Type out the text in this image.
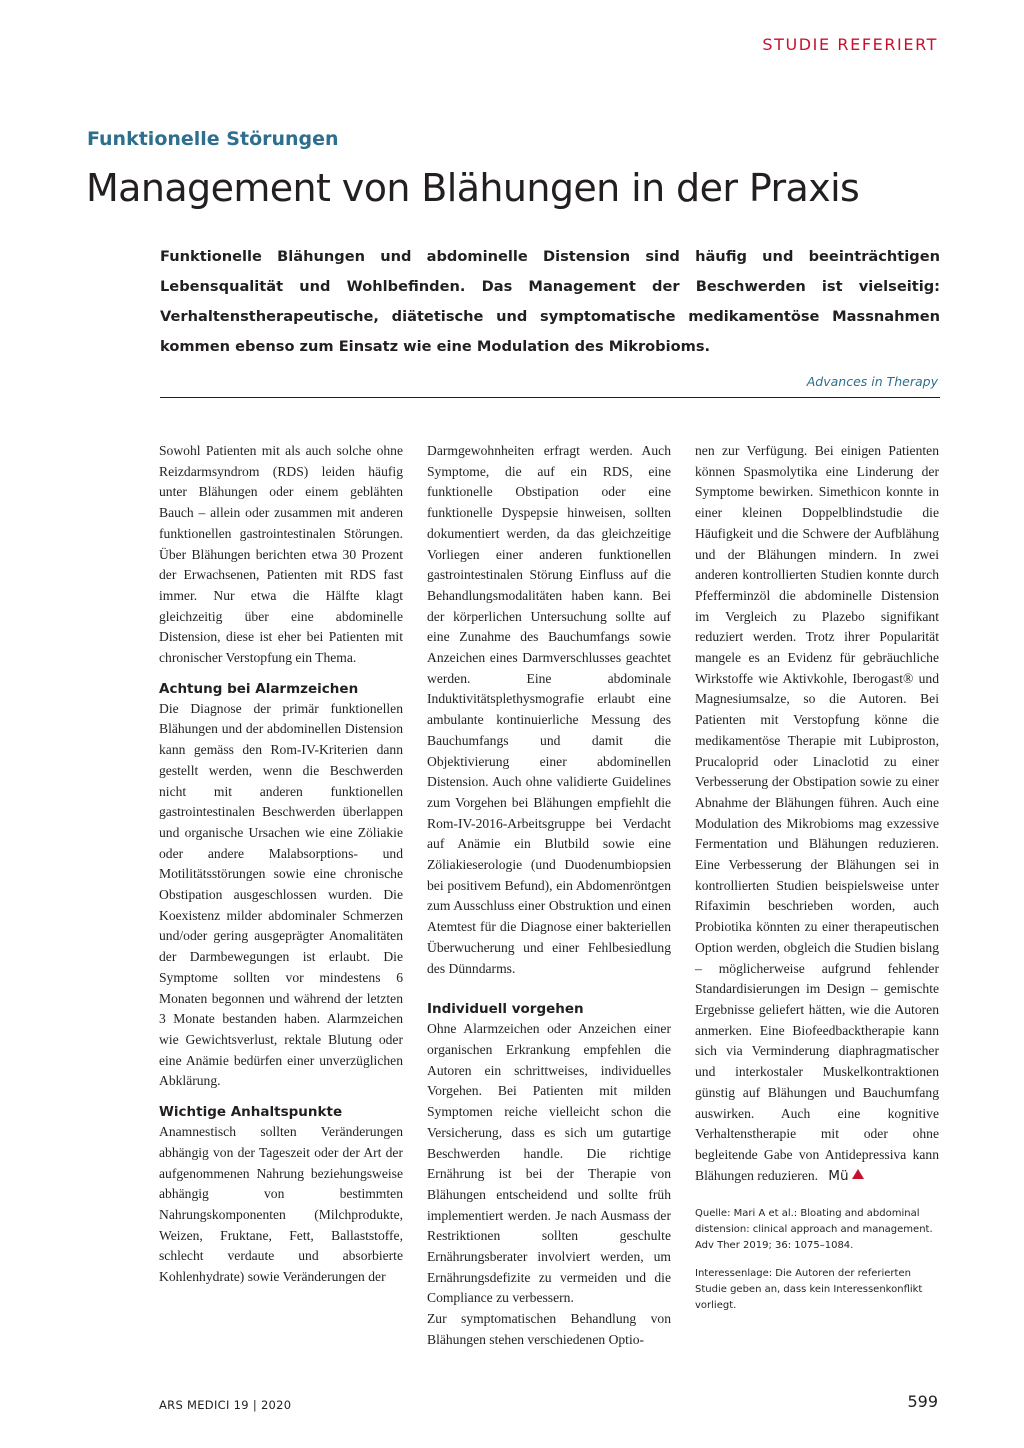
STUDIE REFERIERT
Funktionelle Störungen
Management von Blähungen in der Praxis
Funktionelle Blähungen und abdominelle Distension sind häufig und beeinträchtigen Lebensqualität und Wohlbefinden. Das Management der Beschwerden ist vielseitig: Verhaltenstherapeutische, diätetische und symptomatische medikamentöse Massnahmen kommen ebenso zum Einsatz wie eine Modulation des Mikrobioms.
Advances in Therapy

Sowohl Patienten mit als auch solche ohne Reizdarmsyndrom (RDS) leiden häufig unter Blähungen oder einem geblähten Bauch – allein oder zusammen mit anderen funktionellen gastrointestinalen Störungen. Über Blähungen berichten etwa 30 Prozent der Erwachsenen, Patienten mit RDS fast immer. Nur etwa die Hälfte klagt gleichzeitig über eine abdominelle Distension, diese ist eher bei Patienten mit chronischer Verstopfung ein Thema.

Achtung bei Alarmzeichen

Die Diagnose der primär funktionellen Blähungen und der abdominellen Distension kann gemäss den Rom-IV-Kriterien dann gestellt werden, wenn die Beschwerden nicht mit anderen funktionellen gastrointestinalen Beschwerden überlappen und organische Ursachen wie eine Zöliakie oder andere Malabsorptions- und Motilitätsstörungen sowie eine chronische Obstipation ausgeschlossen wurden. Die Koexistenz milder abdominaler Schmerzen und/oder gering ausgeprägter Anomalitäten der Darmbewegungen ist erlaubt. Die Symptome sollten vor mindestens 6 Monaten begonnen und während der letzten 3 Monate bestanden haben. Alarmzeichen wie Gewichtsverlust, rektale Blutung oder eine Anämie bedürfen einer unverzüglichen Abklärung.

Wichtige Anhaltspunkte

Anamnestisch sollten Veränderungen abhängig von der Tageszeit oder der Art der aufgenommenen Nahrung beziehungsweise abhängig von bestimmten Nahrungskomponenten (Milchprodukte, Weizen, Fruktane, Fett, Ballaststoffe, schlecht verdaute und absorbierte Kohlenhydrate) sowie Veränderungen der

Darmgewohnheiten erfragt werden. Auch Symptome, die auf ein RDS, eine funktionelle Obstipation oder eine funktionelle Dyspepsie hinweisen, sollten dokumentiert werden, da das gleichzeitige Vorliegen einer anderen funktionellen gastrointestinalen Störung Einfluss auf die Behandlungsmodalitäten haben kann. Bei der körperlichen Untersuchung sollte auf eine Zunahme des Bauchumfangs sowie Anzeichen eines Darmverschlusses geachtet werden. Eine abdominale Induktivitätsplethysmografie erlaubt eine ambulante kontinuierliche Messung des Bauchumfangs und damit die Objektivierung einer abdominellen Distension. Auch ohne validierte Guidelines zum Vorgehen bei Blähungen empfiehlt die Rom-IV-2016-Arbeitsgruppe bei Verdacht auf Anämie ein Blutbild sowie eine Zöliakieserologie (und Duodenumbiopsien bei positivem Befund), ein Abdomenröntgen zum Ausschluss einer Obstruktion und einen Atemtest für die Diagnose einer bakteriellen Überwucherung und einer Fehlbesiedlung des Dünndarms.

Individuell vorgehen

Ohne Alarmzeichen oder Anzeichen einer organischen Erkrankung empfehlen die Autoren ein schrittweises, individuelles Vorgehen. Bei Patienten mit milden Symptomen reiche vielleicht schon die Versicherung, dass es sich um gutartige Beschwerden handle. Die richtige Ernährung ist bei der Therapie von Blähungen entscheidend und sollte früh implementiert werden. Je nach Ausmass der Restriktionen sollten geschulte Ernährungsberater involviert werden, um Ernährungsdefizite zu vermeiden und die Compliance zu verbessern.

Zur symptomatischen Behandlung von Blähungen stehen verschiedenen Optio-

nen zur Verfügung. Bei einigen Patienten können Spasmolytika eine Linderung der Symptome bewirken. Simethicon konnte in einer kleinen Doppelblindstudie die Häufigkeit und die Schwere der Aufblähung und der Blähungen mindern. In zwei anderen kontrollierten Studien konnte durch Pfefferminzöl die abdominelle Distension im Vergleich zu Plazebo signifikant reduziert werden. Trotz ihrer Popularität mangele es an Evidenz für gebräuchliche Wirkstoffe wie Aktivkohle, Iberogast® und Magnesiumsalze, so die Autoren. Bei Patienten mit Verstopfung könne die medikamentöse Therapie mit Lubiproston, Prucaloprid oder Linaclotid zu einer Verbesserung der Obstipation sowie zu einer Abnahme der Blähungen führen. Auch eine Modulation des Mikrobioms mag exzessive Fermentation und Blähungen reduzieren. Eine Verbesserung der Blähungen sei in kontrollierten Studien beispielsweise unter Rifaximin beschrieben worden, auch Probiotika könnten zu einer therapeutischen Option werden, obgleich die Studien bislang – möglicherweise aufgrund fehlender Standardisierungen im Design – gemischte Ergebnisse geliefert hätten, wie die Autoren anmerken. Eine Biofeedbacktherapie kann sich via Verminderung diaphragmatischer und interkostaler Muskelkontraktionen günstig auf Blähungen und Bauchumfang auswirken. Auch eine kognitive Verhaltenstherapie mit oder ohne begleitende Gabe von Antidepressiva kann Blähungen reduzieren. Mü

Quelle: Mari A et al.: Bloating and abdominal distension: clinical approach and management. Adv Ther 2019; 36: 1075–1084.

Interessenlage: Die Autoren der referierten Studie geben an, dass kein Interessenkonflikt vorliegt.

ARS MEDICI 19 | 2020	599
